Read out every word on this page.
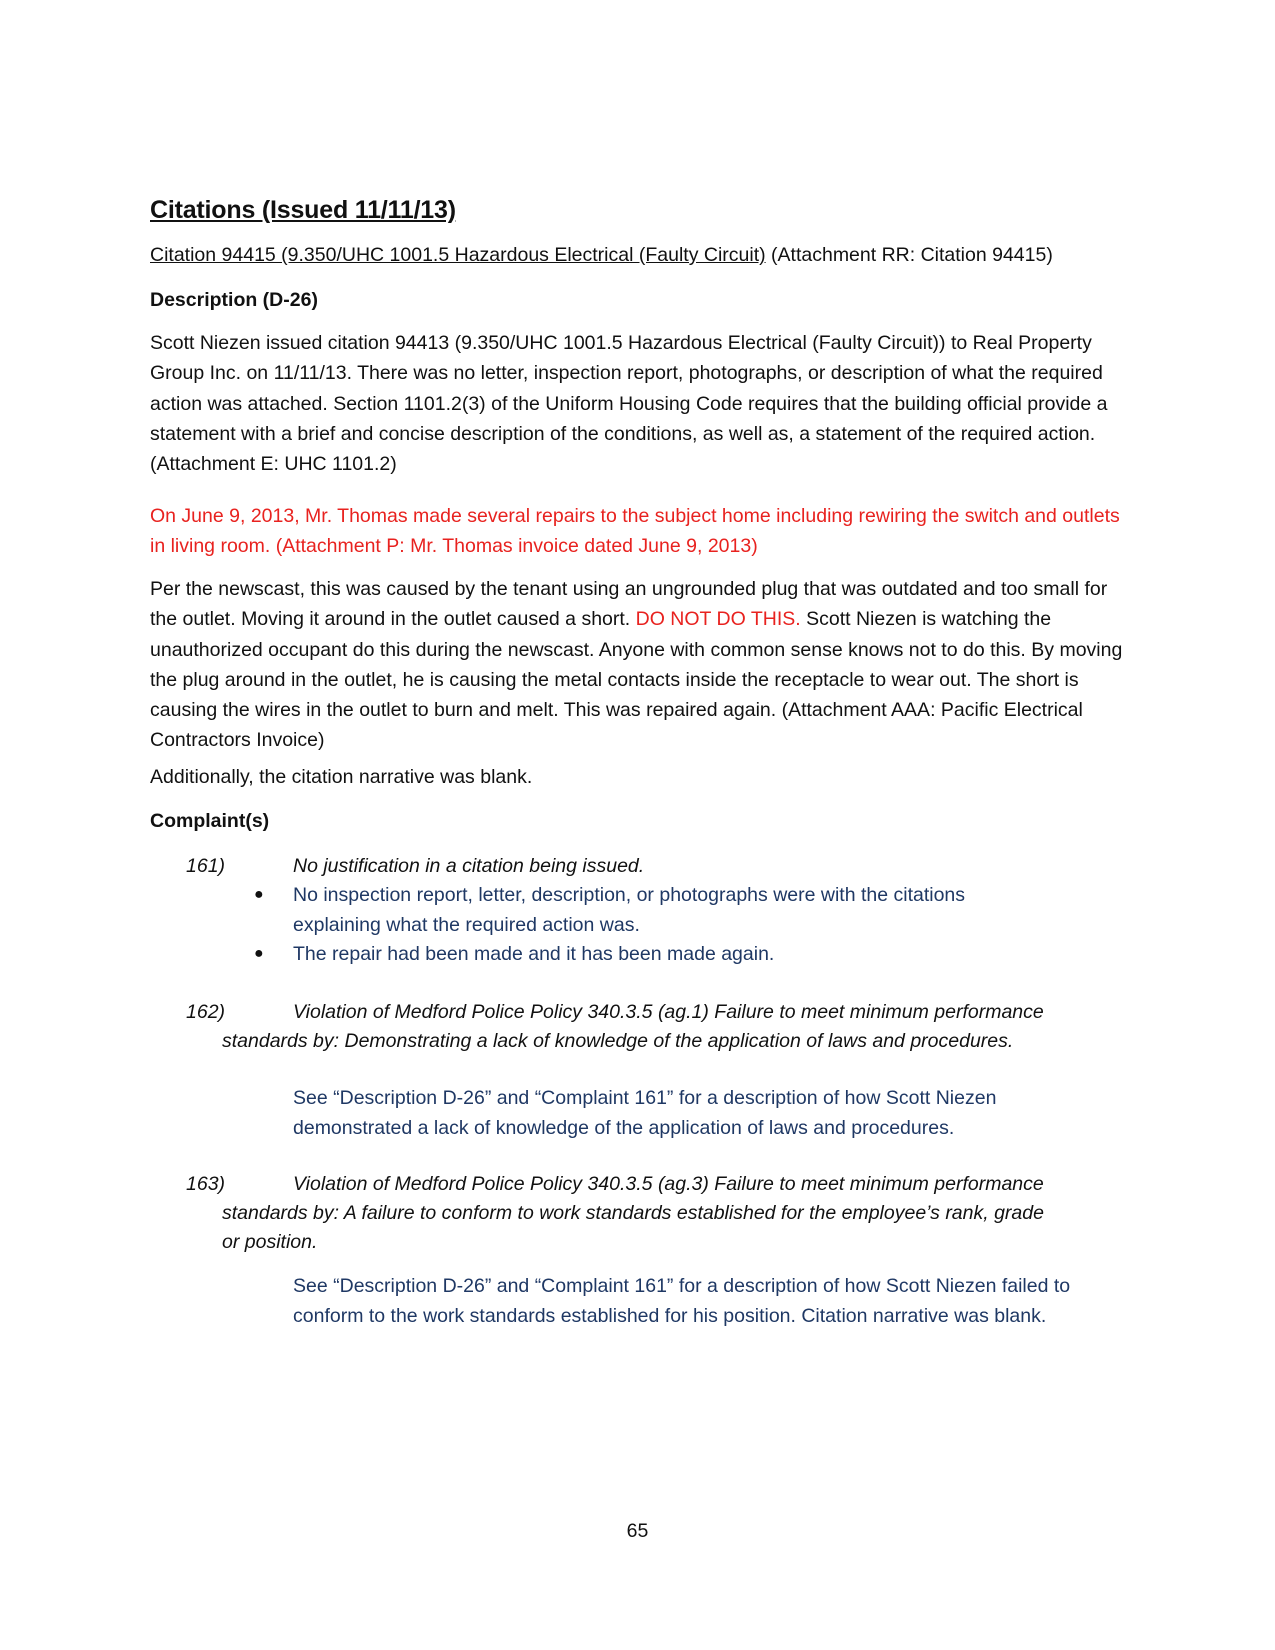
Citations (Issued 11/11/13)
Citation 94415 (9.350/UHC 1001.5 Hazardous Electrical (Faulty Circuit) (Attachment RR: Citation 94415)
Description (D-26)
Scott Niezen issued citation 94413 (9.350/UHC 1001.5 Hazardous Electrical (Faulty Circuit)) to Real Property Group Inc. on 11/11/13. There was no letter, inspection report, photographs, or description of what the required action was attached. Section 1101.2(3) of the Uniform Housing Code requires that the building official provide a statement with a brief and concise description of the conditions, as well as, a statement of the required action. (Attachment E: UHC 1101.2)
On June 9, 2013, Mr. Thomas made several repairs to the subject home including rewiring the switch and outlets in living room. (Attachment P: Mr. Thomas invoice dated June 9, 2013)
Per the newscast, this was caused by the tenant using an ungrounded plug that was outdated and too small for the outlet. Moving it around in the outlet caused a short. DO NOT DO THIS. Scott Niezen is watching the unauthorized occupant do this during the newscast. Anyone with common sense knows not to do this. By moving the plug around in the outlet, he is causing the metal contacts inside the receptacle to wear out. The short is causing the wires in the outlet to burn and melt. This was repaired again. (Attachment AAA: Pacific Electrical Contractors Invoice)
Additionally, the citation narrative was blank.
Complaint(s)
161)	No justification in a citation being issued.
● No inspection report, letter, description, or photographs were with the citations explaining what the required action was.
● The repair had been made and it has been made again.
162)	Violation of Medford Police Policy 340.3.5 (ag.1) Failure to meet minimum performance
standards by: Demonstrating a lack of knowledge of the application of laws and procedures.
See “Description D-26” and “Complaint 161” for a description of how Scott Niezen demonstrated a lack of knowledge of the application of laws and procedures.
163)	Violation of Medford Police Policy 340.3.5 (ag.3) Failure to meet minimum performance
standards by: A failure to conform to work standards established for the employee’s rank, grade
or position.
See “Description D-26” and “Complaint 161” for a description of how Scott Niezen failed to conform to the work standards established for his position. Citation narrative was blank.
65
